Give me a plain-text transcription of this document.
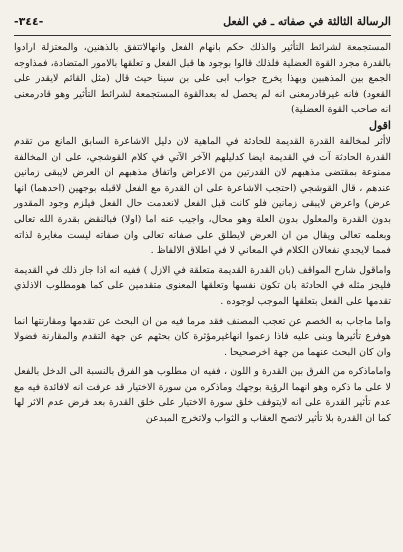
الرسالة الثالثة في صفاته ـ في الفعل
-٣٤٤-

المستجمعة لشرائط التأثير والذلك حكم بانهام الفعل وانهالاتتفق بالذهنين، والمعتزلة ارادوا بالقدرة مجرد القوة العضلية فلذلك قالوا بوجود ها قبل الفعل و تعلقها بالامور المتضادة، فمذاوجه الجمع بين المذهبين وبهذا يخرج جواب ابى على بن سينا حيث قال (مثل القائم لايقدر على القعود) فانه غيرقادرمعنى انه لم يحصل له بعدالقوة المستجمعة لشرائط التأثير وهو قادرمعنى انه صاحب القوة العضلية)

اقول

لاأثر لمخالفة القدرة القديمة للحادثة في الماهية لان دليل الاشاعرة السابق المانع من تقدم القدرة الحادثة آت في القديمة ايضا كدليلهم الآخر الآتي في كلام القوشجي، على ان المخالفة ممنوعة بمقتضى مذهبهم لان القدرتين من الاعراض واتفاق مذهبهم ان العرض لايبقى زمانين عندهم ، قال القوشجي (احتجب الاشاعرة على ان القدرة مع الفعل لاقبله بوجهين (احدهما) انها عرض) واعرض لايبقى زمانين فلو كانت قبل الفعل لانعدمت حال الفعل فيلزم وجود المقدور بدون القدرة والمعلول بدون العلة وهو محال، واجيب عنه اما (اولا) فبالنقض بقدرة الله تعالى وبعلمه تعالى ويقال من ان العرض لايطلق على صفاته تعالى وان صفاته ليست مغايرة لذاته فمما لايجدي نفعالان الكلام في المعاني لا في اطلاق الالفاظ .

واماقول شارح المواقف (بان القدرة القديمة متعلقة في الازل ) ففيه انه اذا جاز ذلك في القديمة فليجز مثله في الحادثة بان تكون نفسها وتعلقها المعنوى متقدمين على كما هومطلوب الاذلذي تقدمها على الفعل بتعلقها الموجب لوجوده .

واما ماجاب به الخصم عن تعجب المصنف فقد مرما فيه من ان البحث عن تقدمها ومقارنتها انما هوفرع تأثيرها وبنى عليه فاذا زعموا انهاغيرمؤثرة كان بحثهم عن جهة التقدم والمقارنة فضولا وان كان البحث عنهما من جهة اخرصحيحا .

واماماذكره من الفرق بين القدرة و اللون ، ففيه ان مطلوب هو الفرق بالنسبة الى الدخل بالفعل لا على ما ذكره وهو انهما الرؤية بوجهك وماذكره من سورة الاختيار قد عرفت انه لافائدة فيه مع عدم تأثير القدرة على انه لايتوقف خلق سورة الاختيار على خلق القدرة بعد فرض عدم الاثر لها كما ان القدرة بلا تأثير لاتصح العقاب و الثواب ولاتخرج المبدعن
